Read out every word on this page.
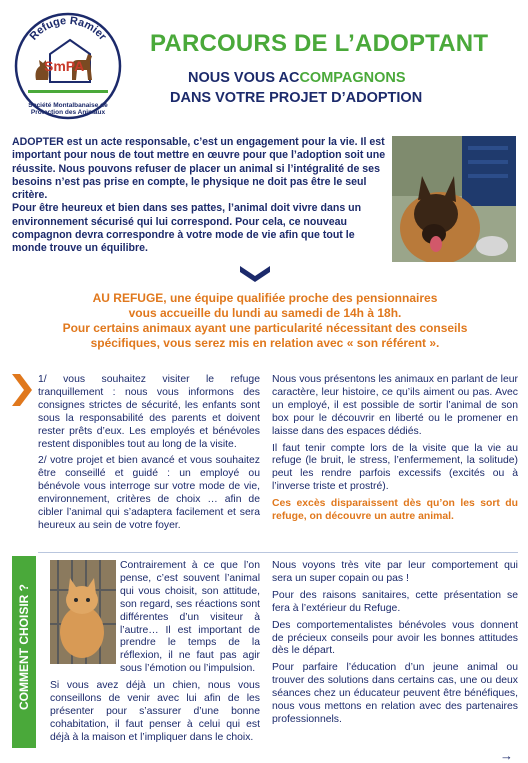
Refuge Ramier
SmPA
Société Montalbanaise de
Protection des Animaux
PARCOURS DE L’ADOPTANT
NOUS VOUS ACCOMPAGNONS
DANS VOTRE PROJET D’ADOPTION

ADOPTER est un acte responsable, c’est un engagement pour la vie. Il est important pour nous de tout mettre en œuvre pour que l’adoption soit une réussite. Nous pouvons refuser de placer un animal si l’intégralité de ses besoins n’est pas prise en compte, le physique ne doit pas être le seul critère.

Pour être heureux et bien dans ses pattes, l’animal doit vivre dans un environnement sécurisé qui lui correspond. Pour cela, ce nouveau compagnon devra correspondre à votre mode de vie afin que tout le monde trouve un équilibre.

AU REFUGE, une équipe qualifiée proche des pensionnaires
vous accueille du lundi au samedi de 14h à 18h.
Pour certains animaux ayant une particularité nécessitant des conseils
spécifiques, vous serez mis en relation avec « son référent ».

1/ vous souhaitez visiter le refuge tranquillement : nous vous informons des consignes strictes de sécurité, les enfants sont sous la responsabilité des parents et doivent rester prêts d’eux. Les employés et bénévoles restent disponibles tout au long de la visite.

2/ votre projet et bien avancé et vous souhaitez être conseillé et guidé : un employé ou bénévole vous interroge sur votre mode de vie, environnement, critères de choix … afin de cibler l’animal qui s’adaptera facilement et sera heureux au sein de votre foyer.

Nous vous présentons les animaux en parlant de leur caractère, leur histoire, ce qu’ils aiment ou pas. Avec un employé, il est possible de sortir l’animal de son box pour le découvrir en liberté ou le promener en laisse dans des espaces dédiés.

Il faut tenir compte lors de la visite que la vie au refuge (le bruit, le stress, l’enfermement, la solitude) peut les rendre parfois excessifs (excités ou à l’inverse triste et prostré).

Ces excès disparaissent dès qu’on les sort du refuge, on découvre un autre animal.

COMMENT CHOISIR ?

Contrairement à ce que l’on pense, c’est souvent l’animal qui vous choisit, son attitude, son regard, ses réactions sont différentes d’un visiteur à l’autre… Il est important de prendre le temps de la réflexion, il ne faut pas agir sous l’émotion ou l’impulsion.

Si vous avez déjà un chien, nous vous conseillons de venir avec lui afin de les présenter pour s’assurer d’une bonne cohabitation, il faut penser à celui qui est déjà à la maison et l’impliquer dans le choix.

Nous voyons très vite par leur comportement qui sera un super copain ou pas !

Pour des raisons sanitaires, cette présentation se fera à l’extérieur du Refuge.

Des comportementalistes bénévoles vous donnent de précieux conseils pour avoir les bonnes attitudes dès le départ.

Pour parfaire l’éducation d’un jeune animal ou trouver des solutions dans certains cas, une ou deux séances chez un éducateur peuvent être bénéfiques, nous vous mettons en relation avec des partenaires professionnels.

→
